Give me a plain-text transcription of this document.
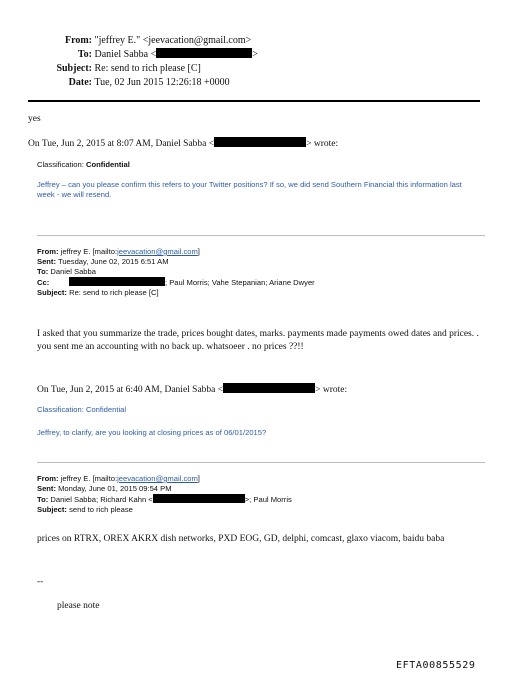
From: "jeffrey E." <jeevacation@gmail.com>
To: Daniel Sabba <	>
Subject: Re: send to rich please [C]
Date: Tue, 02 Jun 2015 12:26:18 +0000
yes
On Tue, Jun 2, 2015 at 8:07 AM, Daniel Sabba <	> wrote:
Classification: Confidential
Jeffrey – can you please confirm this refers to your Twitter positions? If so, we did send Southern Financial this information last week - we will resend.
From: jeffrey E. [mailto:jeevacation@gmail.com]
Sent: Tuesday, June 02, 2015 6:51 AM
To: Daniel Sabba
Cc:	; Paul Morris; Vahe Stepanian; Ariane Dwyer
Subject: Re: send to rich please [C]
I asked that you summarize the trade, prices bought dates, marks. payments made payments owed dates and prices. . you sent me an accounting with no back up. whatsoeer . no prices ??!!
On Tue, Jun 2, 2015 at 6:40 AM, Daniel Sabba <	> wrote:
Classification: Confidential
Jeffrey, to clarify, are you looking at closing prices as of 06/01/2015?
From: jeffrey E. [mailto:jeevacation@gmail.com]
Sent: Monday, June 01, 2015 09:54 PM
To: Daniel Sabba; Richard Kahn <	>; Paul Morris
Subject: send to rich please
prices on RTRX, OREX AKRX dish networks, PXD EOG, GD, delphi, comcast, glaxo viacom, baidu baba
--
please note
EFTA00855529
